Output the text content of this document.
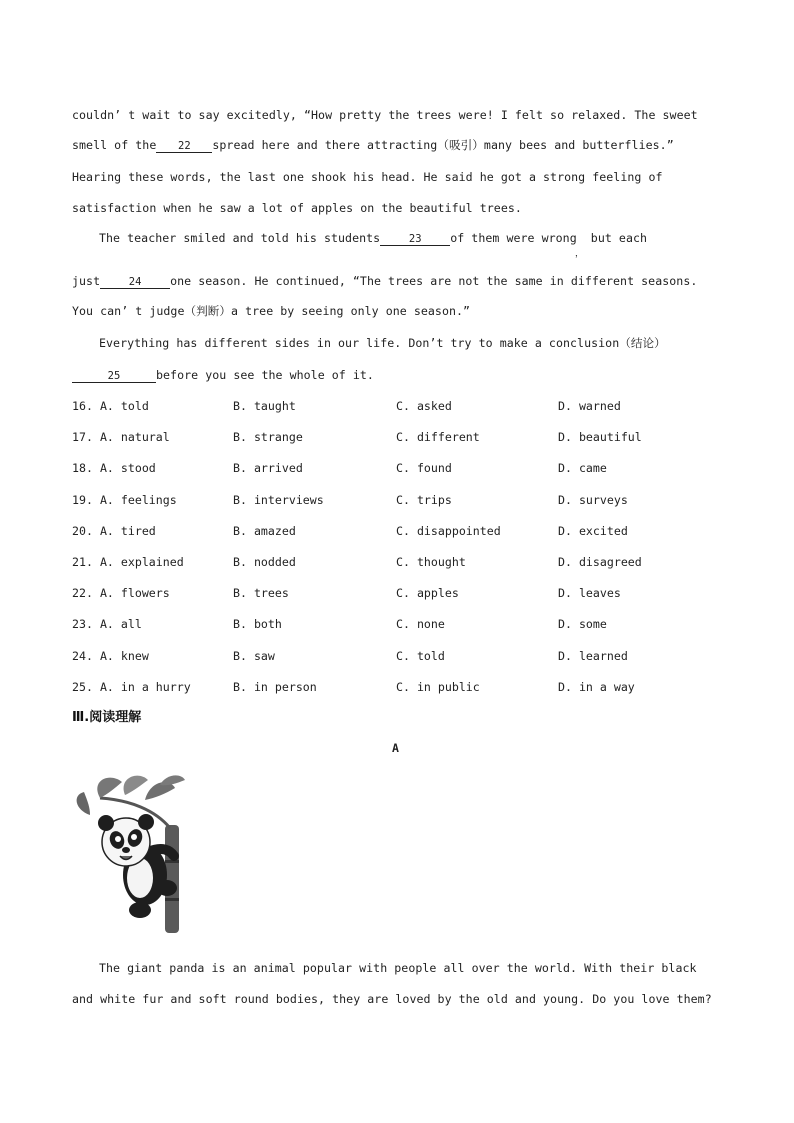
couldn’ t wait to say excitedly, “How pretty the trees were! I felt so relaxed. The sweet
smell of the 22 spread here and there attracting（吸引）many bees and butterflies.”
Hearing these words, the last one shook his head. He said he got a strong feeling of
satisfaction when he saw a lot of apples on the beautiful trees.
The teacher smiled and told his students	23 of them were wrong  but each
，
just	24 one season. He continued, “The trees are not the same in different seasons.
You can’ t judge（判断）a tree by seeing only one season.”
Everything has different sides in our life. Don’t try to make a conclusion（结论）
25	before you see the whole of it.
16. A. told	B. taught	C. asked	D. warned
17. A. natural	B. strange	C. different	D. beautiful
18. A. stood	B. arrived	C. found	D. came
19. A. feelings	B. interviews	C. trips	D. surveys
20. A. tired	B. amazed	C. disappointed	D. excited
21. A. explained	B. nodded	C. thought	D. disagreed
22. A. flowers	B. trees	C. apples	D. leaves
23. A. all	B. both	C. none	D. some
24. A. knew	B. saw	C. told	D. learned
25. A. in a hurry	B. in person	C. in public	D. in a way
Ⅲ.阅读理解
A
The giant panda is an animal popular with people all over the world. With their black
and white fur and soft round bodies, they are loved by the old and young. Do you love them?
